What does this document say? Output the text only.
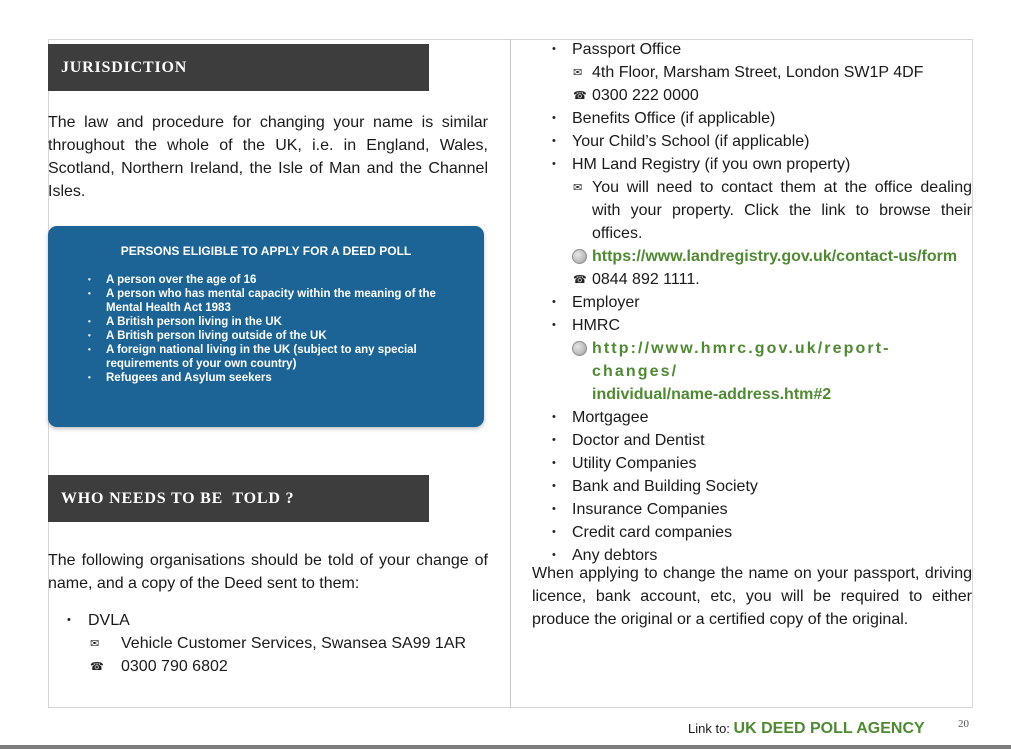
JURISDICTION
The law and procedure for changing your name is similar
throughout the whole of the UK, i.e. in England, Wales,
Scotland, Northern Ireland, the Isle of Man and the Channel
Isles.
PERSONS ELIGIBLE TO APPLY FOR A DEED POLL
• A person over the age of 16
• A person who has mental capacity within the meaning of the Mental Health Act 1983
• A British person living in the UK
• A British person living outside of the UK
• A foreign national living in the UK (subject to any special requirements of your own country)
• Refugees and Asylum seekers
WHO NEEDS TO BE  TOLD ?
The following organisations should be told of your change of
name, and a copy of the Deed sent to them:
• DVLA
✉ Vehicle Customer Services, Swansea SA99 1AR
☎ 0300 790 6802
• Passport Office
✉ 4th Floor, Marsham Street, London SW1P 4DF
☎ 0300 222 0000
• Benefits Office (if applicable)
• Your Child’s School (if applicable)
• HM Land Registry (if you own property)
✉ You will need to contact them at the office dealing
with your property. Click the link to browse their
offices.
https://www.landregistry.gov.uk/contact-us/form
☎ 0844 892 1111.
• Employer
• HMRC
http://www.hmrc.gov.uk/report-changes/
individual/name-address.htm#2
• Mortgagee
• Doctor and Dentist
• Utility Companies
• Bank and Building Society
• Insurance Companies
• Credit card companies
• Any debtors
When applying to change the name on your passport, driving
licence, bank account, etc, you will be required to either
produce the original or a certified copy of the original.
Link to: UK DEED POLL AGENCY	20
